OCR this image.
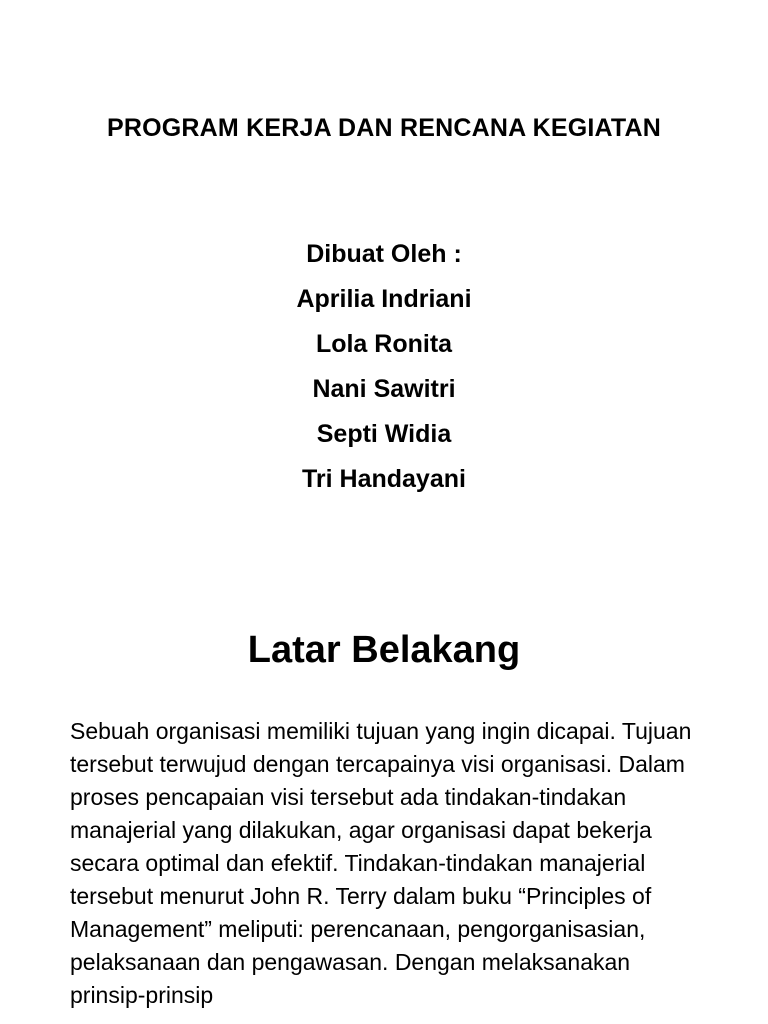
PROGRAM KERJA DAN RENCANA KEGIATAN
Dibuat Oleh :
Aprilia Indriani
Lola Ronita
Nani Sawitri
Septi Widia
Tri Handayani
Latar Belakang

Sebuah organisasi memiliki tujuan yang ingin dicapai. Tujuan tersebut terwujud dengan tercapainya visi organisasi. Dalam proses pencapaian visi tersebut ada tindakan-tindakan manajerial yang dilakukan, agar organisasi dapat bekerja secara optimal dan efektif. Tindakan-tindakan manajerial tersebut menurut John R. Terry dalam buku “Principles of Management” meliputi: perencanaan, pengorganisasian, pelaksanaan dan pengawasan. Dengan melaksanakan prinsip-prinsip
